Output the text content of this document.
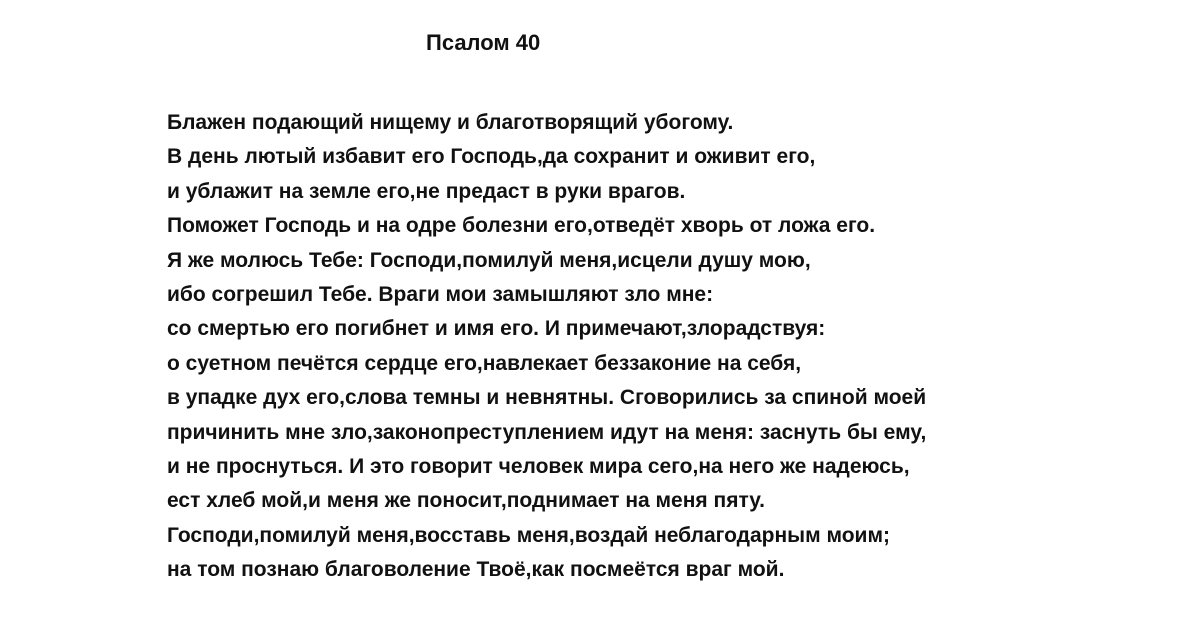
Псалом 40
Блажен подающий нищему и благотворящий убогому.
В день лютый избавит его Господь,да сохранит и оживит его,
и ублажит на земле его,не предаст в руки врагов.
Поможет Господь и на одре болезни его,отведёт хворь от ложа его.
Я же молюсь Тебе: Господи,помилуй меня,исцели душу мою,
ибо согрешил Тебе. Враги мои замышляют зло мне:
со смертью его погибнет и имя его. И примечают,злорадствуя:
о суетном печётся сердце его,навлекает беззаконие на себя,
в упадке дух его,слова темны и невнятны. Сговорились за спиной моей
причинить мне зло,законопреступлением идут на меня: заснуть бы ему,
и не проснуться. И это говорит человек мира сего,на него же надеюсь,
ест хлеб мой,и меня же поносит,поднимает на меня пяту.
Господи,помилуй меня,восставь меня,воздай неблагодарным моим;
на том познаю благоволение Твоё,как посмеётся враг мой.
